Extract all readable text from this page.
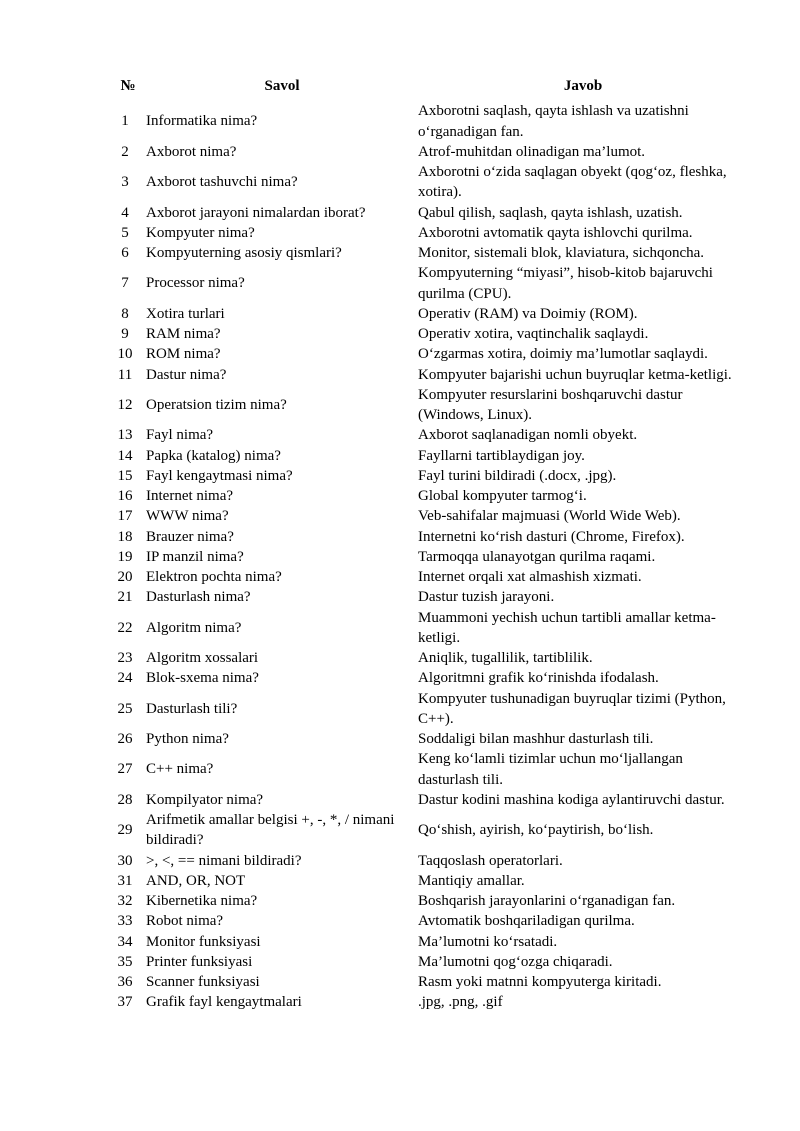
№	Savol	Javob
1	Informatika nima?	Axborotni saqlash, qayta ishlash va uzatishni o‘rganadigan fan.
2	Axborot nima?	Atrof-muhitdan olinadigan ma’lumot.
3	Axborot tashuvchi nima?	Axborotni o‘zida saqlagan obyekt (qog‘oz, fleshka, xotira).
4	Axborot jarayoni nimalardan iborat?	Qabul qilish, saqlash, qayta ishlash, uzatish.
5	Kompyuter nima?	Axborotni avtomatik qayta ishlovchi qurilma.
6	Kompyuterning asosiy qismlari?	Monitor, sistemali blok, klaviatura, sichqoncha.
7	Processor nima?	Kompyuterning “miyasi”, hisob-kitob bajaruvchi qurilma (CPU).
8	Xotira turlari	Operativ (RAM) va Doimiy (ROM).
9	RAM nima?	Operativ xotira, vaqtinchalik saqlaydi.
10	ROM nima?	O‘zgarmas xotira, doimiy ma’lumotlar saqlaydi.
11	Dastur nima?	Kompyuter bajarishi uchun buyruqlar ketma-ketligi.
12	Operatsion tizim nima?	Kompyuter resurslarini boshqaruvchi dastur (Windows, Linux).
13	Fayl nima?	Axborot saqlanadigan nomli obyekt.
14	Papka (katalog) nima?	Fayllarni tartiblaydigan joy.
15	Fayl kengaytmasi nima?	Fayl turini bildiradi (.docx, .jpg).
16	Internet nima?	Global kompyuter tarmog‘i.
17	WWW nima?	Veb-sahifalar majmuasi (World Wide Web).
18	Brauzer nima?	Internetni ko‘rish dasturi (Chrome, Firefox).
19	IP manzil nima?	Tarmoqqa ulanayotgan qurilma raqami.
20	Elektron pochta nima?	Internet orqali xat almashish xizmati.
21	Dasturlash nima?	Dastur tuzish jarayoni.
22	Algoritm nima?	Muammoni yechish uchun tartibli amallar ketma-ketligi.
23	Algoritm xossalari	Aniqlik, tugallilik, tartiblilik.
24	Blok-sxema nima?	Algoritmni grafik ko‘rinishda ifodalash.
25	Dasturlash tili?	Kompyuter tushunadigan buyruqlar tizimi (Python, C++).
26	Python nima?	Soddaligi bilan mashhur dasturlash tili.
27	C++ nima?	Keng ko‘lamli tizimlar uchun mo‘ljallangan dasturlash tili.
28	Kompilyator nima?	Dastur kodini mashina kodiga aylantiruvchi dastur.
29	Arifmetik amallar belgisi +, -, *, / nimani bildiradi?	Qo‘shish, ayirish, ko‘paytirish, bo‘lish.
30	>, <, == nimani bildiradi?	Taqqoslash operatorlari.
31	AND, OR, NOT	Mantiqiy amallar.
32	Kibernetika nima?	Boshqarish jarayonlarini o‘rganadigan fan.
33	Robot nima?	Avtomatik boshqariladigan qurilma.
34	Monitor funksiyasi	Ma’lumotni ko‘rsatadi.
35	Printer funksiyasi	Ma’lumotni qog‘ozga chiqaradi.
36	Scanner funksiyasi	Rasm yoki matnni kompyuterga kiritadi.
37	Grafik fayl kengaytmalari	.jpg, .png, .gif
